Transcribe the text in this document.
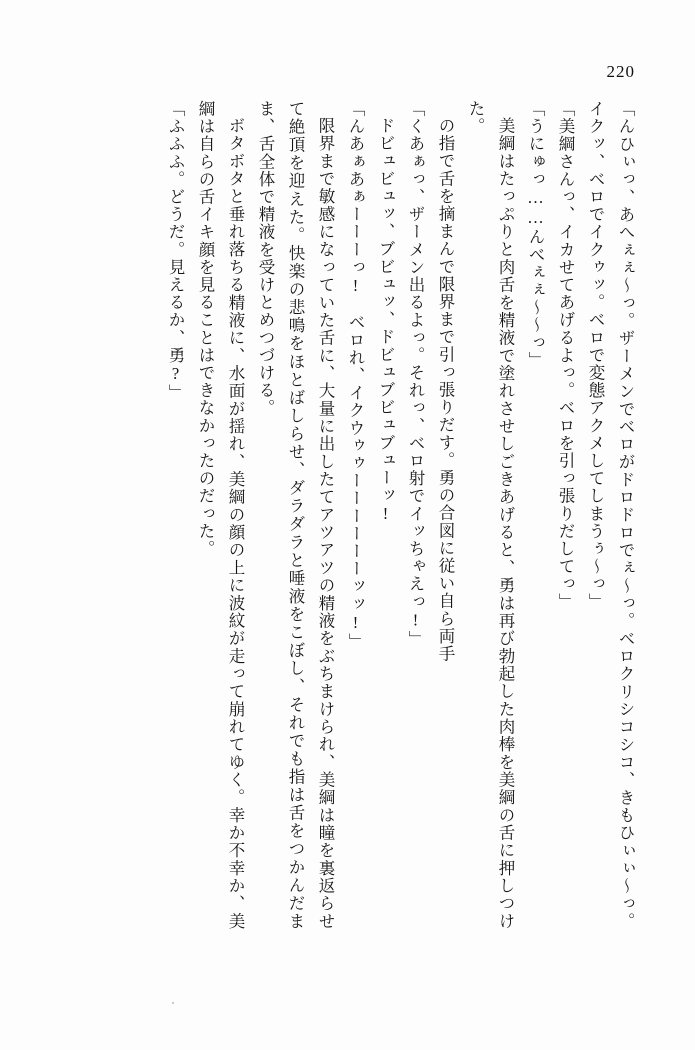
220

「んひぃっ、あへぇぇ～っ。ザーメンでベロがドロドロでぇ～っ。ベロクリシコシコ、きもひぃぃ～っ。イクッ、ベロでイクゥッ。ベロで変態アクメしてしまうぅ～っ」

「美綱さんっ、イカせてあげるよっ。ベロを引っ張りだしてっ」

「うにゅっ……んべぇぇ～～っ」

美綱はたっぷりと肉舌を精液で塗れさせしごきあげると、勇は再び勃起した肉棒を美綱の舌に押しつけた。

の指で舌を摘まんで限界まで引っ張りだす。勇の合図に従い自ら両手

「くあぁっ、ザーメン出るよっ。それっ、ベロ射でイッちゃえっ!」

ドビュビュッ、ブビュッ、ドビュブビュブューッ!

「んあぁあぁーーーっ!　ベロれ、イクウゥゥーーーーーーッッ!」

限界まで敏感になっていた舌に、大量に出したてアツアツの精液をぶちまけられ、美綱は瞳を裏返らせて絶頂を迎えた。快楽の悲鳴をほとばしらせ、ダラダラと唾液をこぼし、それでも指は舌をつかんだまま、舌全体で精液を受けとめつづける。

ボタボタと垂れ落ちる精液に、水面が揺れ、美綱の顔の上に波紋が走って崩れてゆく。幸か不幸か、美綱は自らの舌イキ顔を見ることはできなかったのだった。

「ふふふ。どうだ。見えるか、勇?」
